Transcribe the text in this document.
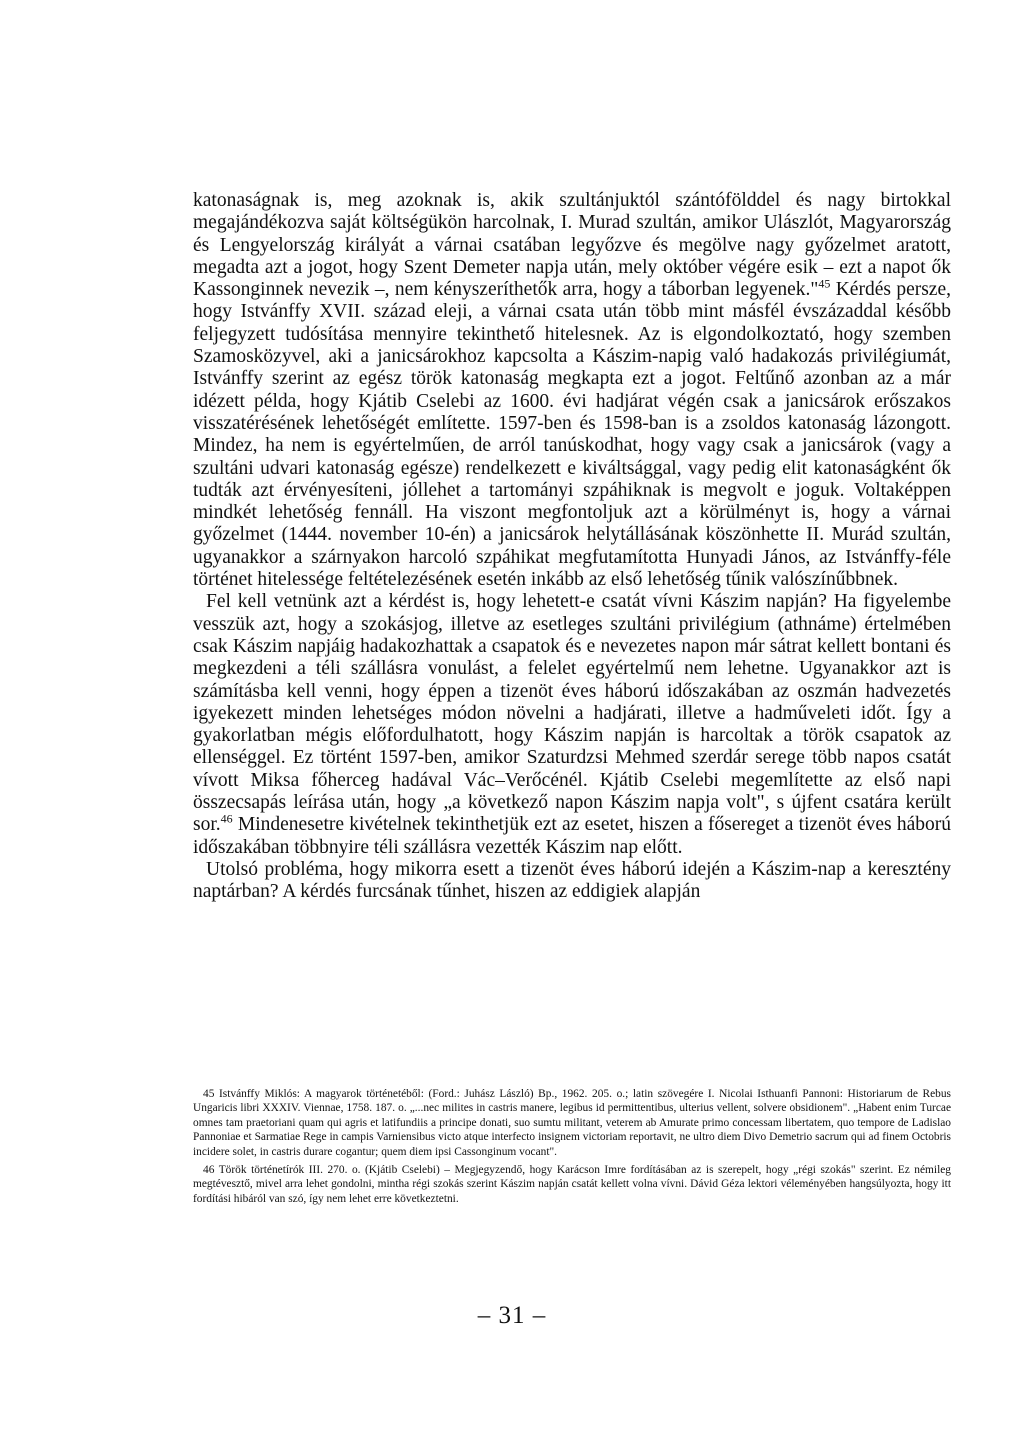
katonaságnak is, meg azoknak is, akik szultánjuktól szántófölddel és nagy birtokkal megajándékozva saját költségükön harcolnak, I. Murad szultán, amikor Ulászlót, Magyarország és Lengyelország királyát a várnai csatában legyőzve és megölve nagy győzelmet aratott, megadta azt a jogot, hogy Szent Demeter napja után, mely október végére esik – ezt a napot ők Kassonginnek nevezik –, nem kényszeríthetők arra, hogy a táborban legyenek."$^{45}$ Kérdés persze, hogy Istvánffy XVII. század eleji, a várnai csata után több mint másfél évszázaddal később feljegyzett tudósítása mennyire tekinthető hitelesnek. Az is elgondolkoztató, hogy szemben Szamosközyvel, aki a janicsárokhoz kapcsolta a Kászim-napig való hadakozás privilégiumát, Istvánffy szerint az egész török katonaság megkapta ezt a jogot. Feltűnő azonban az a már idézett példa, hogy Kjátib Cselebi az 1600. évi hadjárat végén csak a janicsárok erőszakos visszatérésének lehetőségét említette. 1597-ben és 1598-ban is a zsoldos katonaság lázongott. Mindez, ha nem is egyértelműen, de arról tanúskodhat, hogy vagy csak a janicsárok (vagy a szultáni udvari katonaság egésze) rendelkezett e kiváltsággal, vagy pedig elit katonaságként ők tudták azt érvényesíteni, jóllehet a tartományi szpáhiknak is megvolt e joguk. Voltaképpen mindkét lehetőség fennáll. Ha viszont megfontoljuk azt a körülményt is, hogy a várnai győzelmet (1444. november 10-én) a janicsárok helytállásának köszönhette II. Murád szultán, ugyanakkor a szárnyakon harcoló szpáhikat megfutamította Hunyadi János, az Istvánffy-féle történet hitelessége feltételezésének esetén inkább az első lehetőség tűnik valószínűbbnek.

Fel kell vetnünk azt a kérdést is, hogy lehetett-e csatát vívni Kászim napján? Ha figyelembe vesszük azt, hogy a szokásjog, illetve az esetleges szultáni privilégium (athnáme) értelmében csak Kászim napjáig hadakozhattak a csapatok és e nevezetes napon már sátrat kellett bontani és megkezdeni a téli szállásra vonulást, a felelet egyértelmű nem lehetne. Ugyanakkor azt is számításba kell venni, hogy éppen a tizenöt éves háború időszakában az oszmán hadvezetés igyekezett minden lehetséges módon növelni a hadjárati, illetve a hadműveleti időt. Így a gyakorlatban mégis előfordulhatott, hogy Kászim napján is harcoltak a török csapatok az ellenséggel. Ez történt 1597-ben, amikor Szaturdzsi Mehmed szerdár serege több napos csatát vívott Miksa főherceg hadával Vác–Verőcénél. Kjátib Cselebi megemlítette az első napi összecsapás leírása után, hogy „a következő napon Kászim napja volt", s újfent csatára került sor.$^{46}$ Mindenesetre kivételnek tekinthetjük ezt az esetet, hiszen a fősereget a tizenöt éves háború időszakában többnyire téli szállásra vezették Kászim nap előtt.

Utolsó probléma, hogy mikorra esett a tizenöt éves háború idején a Kászim-nap a keresztény naptárban? A kérdés furcsának tűnhet, hiszen az eddigiek alapján

45 Istvánffy Miklós: A magyarok történetéből: (Ford.: Juhász László) Bp., 1962. 205. o.; latin szövegére I. Nicolai Isthuanfi Pannoni: Historiarum de Rebus Ungaricis libri XXXIV. Viennae, 1758. 187. o. „...nec milites in castris manere, legibus id permittentibus, ulterius vellent, solvere obsidionem". „Habent enim Turcae omnes tam praetoriani quam qui agris et latifundiis a principe donati, suo sumtu militant, veterem ab Amurate primo concessam libertatem, quo tempore de Ladislao Pannoniae et Sarmatiae Rege in campis Varniensibus victo atque interfecto insignem victoriam reportavit, ne ultro diem Divo Demetrio sacrum qui ad finem Octobris incidere solet, in castris durare cogantur; quem diem ipsi Cassonginum vocant".

46 Török történetírók III. 270. o. (Kjátib Cselebi) – Megjegyzendő, hogy Karácson Imre fordításában az is szerepelt, hogy „régi szokás" szerint. Ez némileg megtévesztő, mivel arra lehet gondolni, mintha régi szokás szerint Kászim napján csatát kellett volna vívni. Dávid Géza lektori véleményében hangsúlyozta, hogy itt fordítási hibáról van szó, így nem lehet erre következtetni.

– 31 –
